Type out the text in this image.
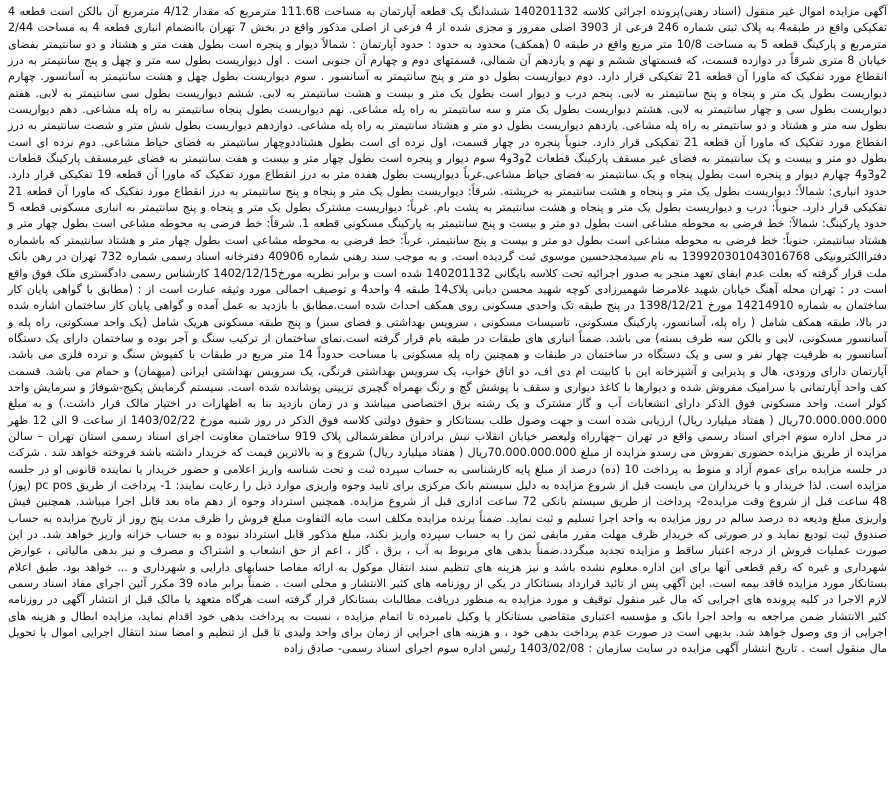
آگهی مزایده اموال غیر منقول (اسناد رهنی)پرونده اجرائی کلاسه 140201132 ششدانگ یک قطعه آپارتمان به مساحت 111.68 مترمربع که مقدار 4/12 مترمربع آن بالکن است قطعه 4 تفکیکی واقع در طبقه4 به پلاک ثبتی شماره 246 فرعی از 3903 اصلی مفروز و مجزی شده از 4 فرعی از اصلی مذکور واقع در بخش 7 تهران باانضمام انباری قطعه 4 به مساحت 2/44 مترمربع و پارکینگ قطعه 5 به مساحت 10/8 متر مربع واقع در طبقه 0 (همکف) محدود به حدود : حدود آپارتمان : شمالاً دیوار و پنجره است بطول هفت متر و هشتاد و دو سانتیمتر بفضای خیابان 8 متری شرقاً در دوازده قسمت، که قسمتهای ششم و نهم و یازدهم آن شمالی، قسمتهای دوم و چهارم آن جنوبی است . اول دیواریست بطول سه متر و چهل و پنج سانتیمتر به درز انقطاع مورد تفکیک که ماورا آن قطعه 21 تفکیکی قرار دارد. دوم دیواریست بطول دو متر و پنج سانتیمتر به آسانسور . سوم دیواریست بطول چهل و هشت سانتیمتر به آسانسور. چهارم دیواریست بطول یک متر و پنجاه و پنج سانتیمتر به لابی. پنجم درب و دیوار است بطول یک متر و بیست و هشت سانتیمتر به لابی. ششم دیواریست بطول سی سانتیمتر به لابی. هفتم دیواریست بطول سی و چهار سانتیمتر به لابی. هشتم دیواریست بطول یک متر و سه سانتیمتر به راه پله مشاعی. نهم دیواریست بطول پنجاه سانتیمتر به راه پله مشاعی. دهم دیواریست بطول سه متر و هشتاد و دو سانتیمتر به راه پله مشاعی. یازدهم دیواریست بطول دو متر و هشتاد سانتیمتر به راه پله مشاعی. دوازدهم دیواریست بطول شش متر و شصت سانتیمتر به درز انقطاع مورد تفکیک که ماورا آن قطعه 21 تفکیکی قرار دارد. جنوباً پنجره در چهار قسمت، اول نرده ای است بطول هشتاددوچهار سانتیمتر به فضای حیاط مشاعی. دوم نرده ای است بطول دو متر و بیست و یک سانتیمتر به فضای غیر مسقف پارکینگ قطعات 2و3و4 سوم دیوار و پنجره است بطول چهار متر و بیست و هفت سانتیمتر به فضای غیرمسقف پارکینگ قطعات 2و3و4 چهارم دیوار و پنجره است بطول پنجاه و یک سانتیمتر به فضای حیاط مشاعی.غرباً دیواریست بطول هفده متر به درز انقطاع مورد تفکیک که ماورا آن قطعه 19 تفکیکی قرار دارد. حدود انباری: شمالاً: دیواریست بطول یک متر و پنجاه و هشت سانتیمتر به خرپشته. شرقاً: دیواریست بطول یک متر و پنجاه و پنج سانتیمتر به درز انقطاع مورد تفکیک که ماورا آن قطعه 21 تفکیکی قرار دارد. جنوباً: درب و دیواریست بطول یک متر و پنجاه و هشت سانتیمتر به پشت بام. غرباً: دیواریست مشترک بطول یک متر و پنجاه و پنج سانتیمتر به انباری مسکونی قطعه 5 حدود پارکینگ: شمالاً: خط فرضی به محوطه مشاعی است بطول دو متر و بیست و پنج سانتیمتر به پارکینگ مسکونی قطعه 1. شرقاً: خط فرضی به محوطه مشاعی است بطول چهار متر و هشتاد سانتیمتر. جنوباً: خط فرضی به محوطه مشاعی است بطول دو متر و بیست و پنج سانتیمتر. غرباً: خط فرضی به محوطه مشاعی است بطول چهار متر و هشتاد سانتیمتر که باشماره دفتراالکترونیکی 139920301043016768 به نام سیدمجدحسین موسوی ثبت گردیده است. و به موجب سند رهنی شماره 40906 دفترخانه اسناد رسمی شماره 732 تهران در رهن بانک ملت قرار گرفته که بعلت عدم ایفای تعهد منجر به صدور اجرائیه تحت کلاسه بایگانی 140201132 شده است و برابر نظریه مورخ1402/12/15 کارشناس رسمی دادگستری ملک فوق واقع است در : تهران محله آهنگ خیابان شهید غلامرضا شهمیرزادی کوچه شهید محسن دیانی پلاک14 طبقه 4 واحد4 و توصیف اجمالی مورد وثیقه عبارت است از : (مطابق با گواهی پایان کار ساختمان به شماره 14214910 مورخ 1398/12/21 در پنج طبقه تک واحدی مسکونی روی همکف احداث شده است.مطابق با بازدید به عمل آمده و گواهی پایان کار ساختمان اشاره شده در بالا، طبقه همکف شامل ( راه پله، آسانسور، پارکینگ مسکونی، تاسیسات مسکونی ، سرویس بهداشتی و فضای سبز) و پنج طبقه مسکونی هریک شامل (یک واحد مسکونی، راه پله و آسانسور مسکونی، لابی و بالکن سه طرف بسته) می باشد. ضمناً انباری های طبقات در طبقه بام قرار گرفته است.نمای ساختمان از ترکیب سنگ و آجر بوده و ساختمان دارای یک دستگاه آسانسور به ظرفیت چهار نفر و سی و یک دستگاه در ساختمان در طبقات و همچنین راه پله مسکونی با مساحت حدوداً 14 متر مربع در طبقات با کفپوش سنگ و نرده فلزی می باشد. آپارتمان دارای ورودی، هال و پذیرایی و آشپزخانه این با کابینت ام دی اف، دو اتاق خواب، یک سرویس بهداشتی فرنگی، یک سرویس بهداشتی ایرانی (میهمان) و حمام می باشد. قسمت کف واحد آپارتمانی با سرامیک مفروش شده و دیوارها با کاغذ دیواری و سقف با پوشش گچ و رنگ بهمراه گچبری تزیینی پوشانده شده است. سیستم گرمایش پکیج-شوفاژ و سرمایش واحد کولر است. واحد مسکونی فوق الذکر دارای انشعابات آب و گاز مشترک و یک رشته برق اختصاصی میباشد و در زمان بازدید بنا به اظهارات در اختیار مالک قرار داشت.) و به مبلغ 70.000.000.000ریال ( هفتاد میلیارد ریال) ارزیابی شده است و جهت وصول طلب بستانکار و حقوق دولتی کلاسه فوق الذکر در روز شنبه مورخ 1403/02/22 از ساعت 9 الی 12 ظهر در محل اداره سوم اجرای اسناد رسمی واقع در تهران –چهارراه ولیعصر خیابان انقلاب نبش برادران مظفرشمالی پلاک 919 ساختمان معاونت اجرای اسناد رسمی استان تهران – سالن مزایده از طریق مزایده حضوری بفروش می رسدو مزایده از مبلغ 70.000.000.000ریال ( هفتاد میلیارد ریال) شروع و به بالاترین قیمت که خریدار داشته باشد فروخته خواهد شد . شرکت در جلسه مزایده برای عموم آزاد و منوط به پرداخت 10 (ده) درصد از مبلغ پایه کارشناسی به حساب سپرده ثبت و تحت شناسه واریز اعلامی و حضور خریدار یا نماینده قانونی او در جلسه مزایده است. لذا خریدار و یا خریداران می بایست قبل از شروع مزایده به دلیل سیستم بانک مرکزی برای تایید وجوه واریزی موارد ذیل را رعایت نمایند: 1- پرداخت از طریق pc pos (پوز) 48 ساعت قبل از شروع وقت مزایده2- پرداخت از طریق سیستم بانکی 72 ساعت اداری قبل از شروع مزایده. همچنین استرداد وجوه از دهم ماه بعد قابل اجرا میباشد. همچنین فیش واریزی مبلغ ودیعه ده درصد سالم در روز مزایده به واحد اجرا تسلیم و ثبت نماید. ضمناً برنده مزایده مکلف است مابه التفاوت مبلغ فروش را ظرف مدت پنج روز از تاریخ مزایده به حساب صندوق ثبت تودیع نماید و در صورتی که خریدار ظرف مهلت مقرر مابقی ثمن را به حساب سپرده واریز نکند، مبلغ مذکور قابل استرداد نبوده و به حساب خزانه واریز خواهد شد. در این صورت عملیات فروش از درجه اعتبار ساقط و مزایده تجدید میگردد.ضمناً بدهی های مربوط به آب ، برق ، گاز ، اعم از حق انشعاب و اشتراک و مصرف و نیز بدهی مالیاتی ، عوارض شهرداری و غیره که رقم قطعی آنها برای این اداره معلوم نشده باشد و نیز هزینه های تنظیم سند انتقال موکول به ارائه مفاصا حسابهای دارایی و شهرداری و ... خواهد بود. طبق اعلام بستانکار مورد مزایده فاقد بیمه است. این آگهی پس از تائید قرارداد بستانکار در یکی از روزنامه های کثیر الانتشار و محلی است . ضمناً برابر ماده 39 مکرر آئین اجرای مفاد اسناد رسمی لازم الاجرا در کلیه پرونده های اجرایی که مال غیر منقول توقیف و مورد مزایده به منظور دریافت مطالبات بستانکار قرار گرفته است هرگاه متعهد یا مالک قبل از انتشار آگهی در روزنامه کثیر الانتشار ضمن مراجعه به واحد اجرا بانک و مؤسسه اعتباری متقاضی بستانکار یا وکیل نامبرده تا اتمام مزایده ، نسبت به پرداخت بدهی خود اقدام نماید، مزایده ابطال و هزینه های اجرایی از وی وصول خواهد شد. بدیهی است در صورت عدم پرداخت بدهی خود ، و هزینه های اجرایی از زمان برای واحد ولیدی تا قبل از تنظیم و امضا سند انتقال اجرایی اموال یا تحویل مال منقول است . تاریخ انتشار آگهی مزایده در سایت سازمان : 1403/02/08 رئیس اداره سوم اجرای اسناد رسمی- صادق زاده
